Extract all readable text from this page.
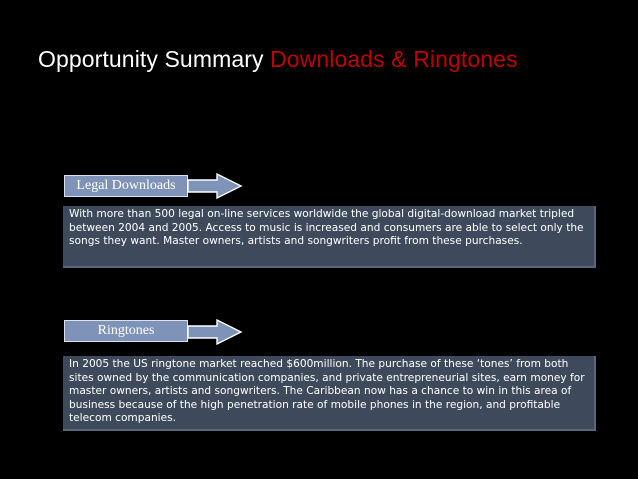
Opportunity Summary Downloads & Ringtones
Legal Downloads
With more than 500 legal on-line services worldwide the global digital-download market tripled between 2004 and 2005. Access to music is increased and consumers are able to select only the songs they want. Master owners, artists and songwriters profit from these purchases.
Ringtones
In 2005 the US ringtone market reached $600million. The purchase of these ‘tones’ from both sites owned by the communication companies, and private entrepreneurial sites, earn money for master owners, artists and songwriters. The Caribbean now has a chance to win in this area of business because of the high penetration rate of mobile phones in the region, and profitable telecom companies.
